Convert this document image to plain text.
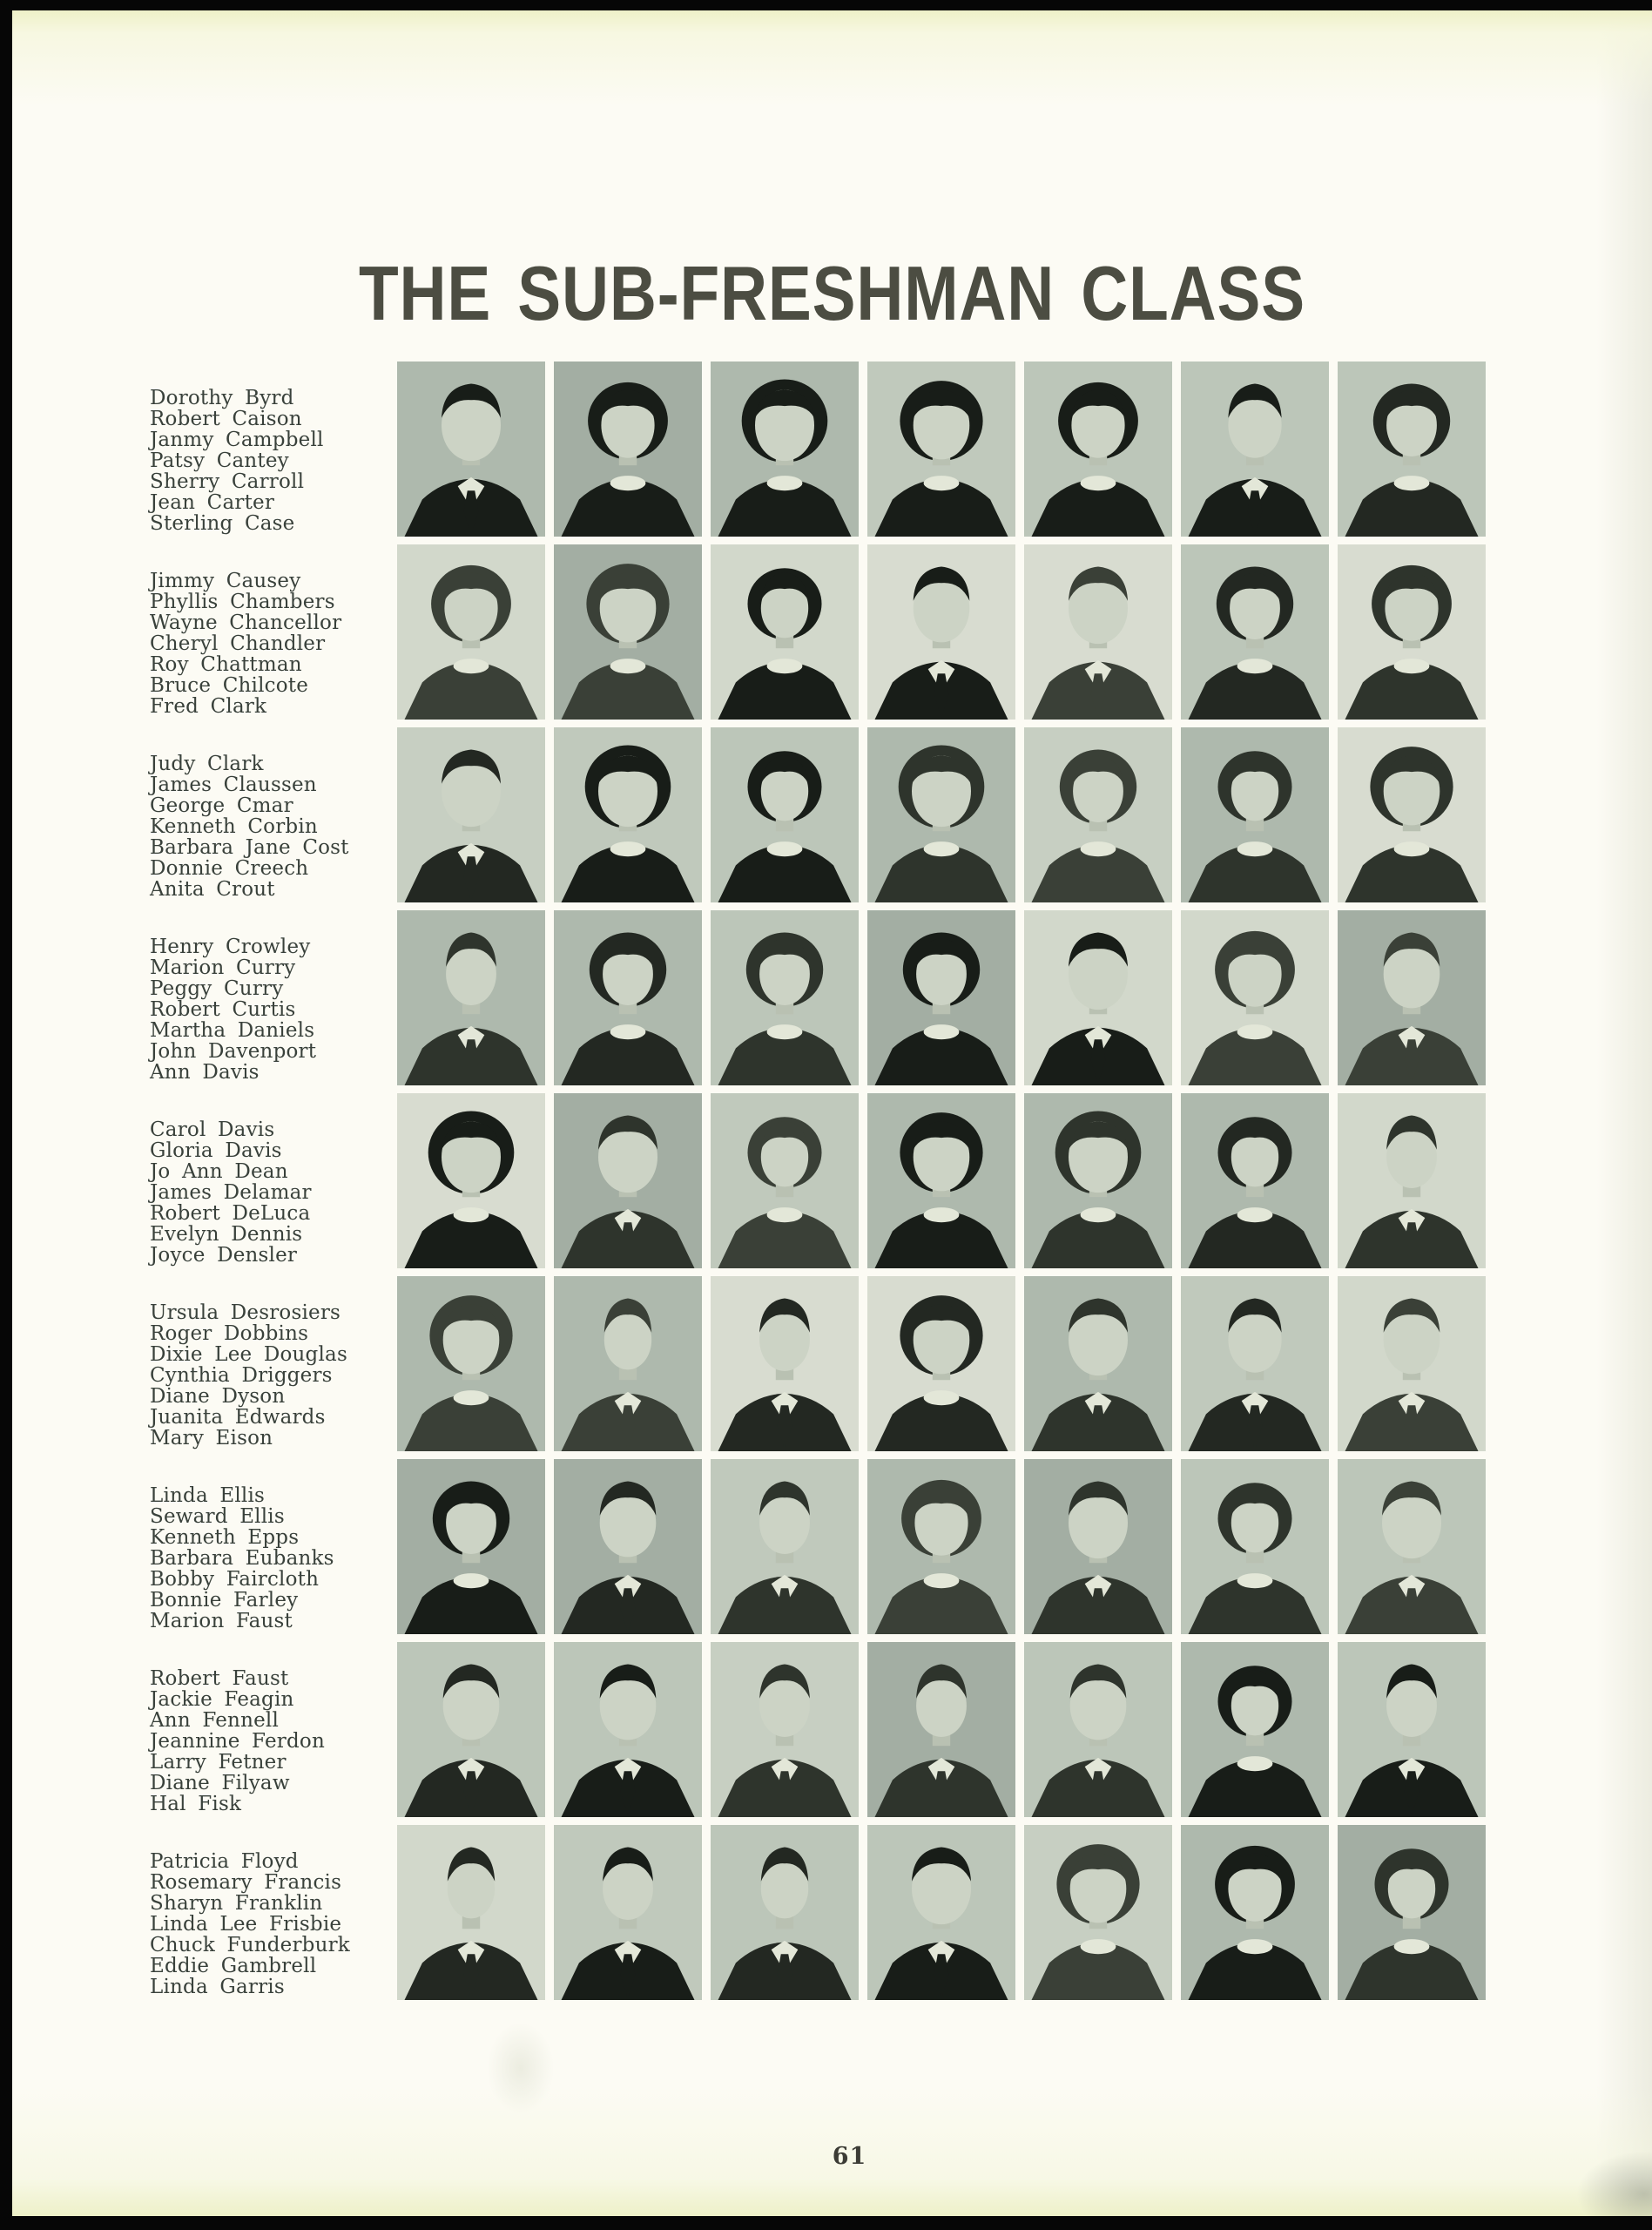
THE SUB-FRESHMAN CLASS
Dorothy Byrd
Robert Caison
Janmy Campbell
Patsy Cantey
Sherry Carroll
Jean Carter
Sterling Case
Jimmy Causey
Phyllis Chambers
Wayne Chancellor
Cheryl Chandler
Roy Chattman
Bruce Chilcote
Fred Clark
Judy Clark
James Claussen
George Cmar
Kenneth Corbin
Barbara Jane Cost
Donnie Creech
Anita Crout
Henry Crowley
Marion Curry
Peggy Curry
Robert Curtis
Martha Daniels
John Davenport
Ann Davis
Carol Davis
Gloria Davis
Jo Ann Dean
James Delamar
Robert DeLuca
Evelyn Dennis
Joyce Densler
Ursula Desrosiers
Roger Dobbins
Dixie Lee Douglas
Cynthia Driggers
Diane Dyson
Juanita Edwards
Mary Eison
Linda Ellis
Seward Ellis
Kenneth Epps
Barbara Eubanks
Bobby Faircloth
Bonnie Farley
Marion Faust
Robert Faust
Jackie Feagin
Ann Fennell
Jeannine Ferdon
Larry Fetner
Diane Filyaw
Hal Fisk
Patricia Floyd
Rosemary Francis
Sharyn Franklin
Linda Lee Frisbie
Chuck Funderburk
Eddie Gambrell
Linda Garris
61
